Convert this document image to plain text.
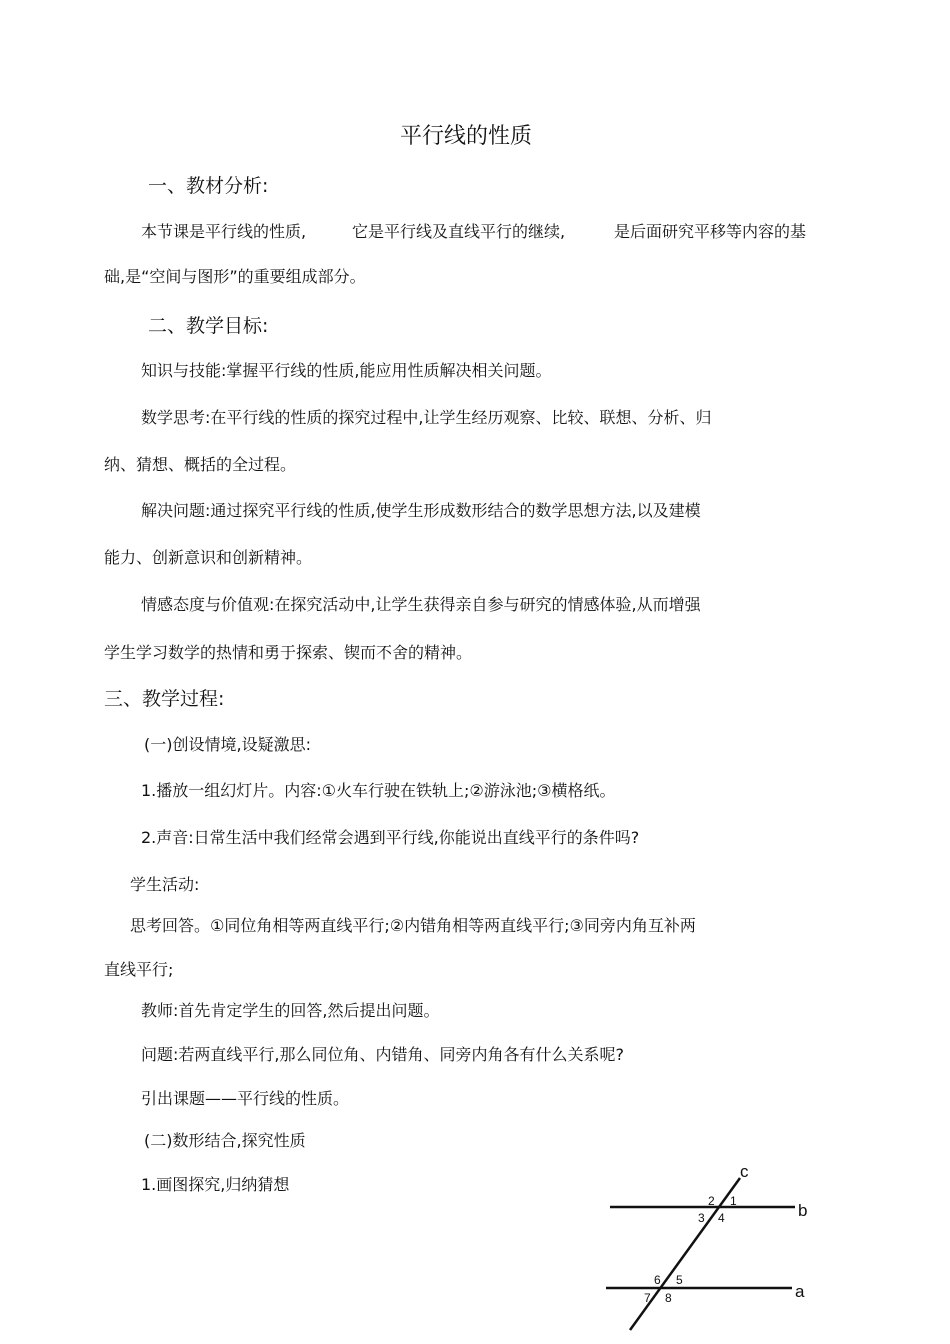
平行线的性质
一、教材分析:
本节课是平行线的性质,	它是平行线及直线平行的继续,	是后面研究平移等内容的基
础,是“空间与图形”的重要组成部分。
二、教学目标:
知识与技能:掌握平行线的性质,能应用性质解决相关问题。
数学思考:在平行线的性质的探究过程中,让学生经历观察、比较、联想、分析、归
纳、猜想、概括的全过程。
解决问题:通过探究平行线的性质,使学生形成数形结合的数学思想方法,以及建模
能力、创新意识和创新精神。
情感态度与价值观:在探究活动中,让学生获得亲自参与研究的情感体验,从而增强
学生学习数学的热情和勇于探索、锲而不舍的精神。
三、教学过程:
(一)创设情境,设疑激思:
1.播放一组幻灯片。内容:①火车行驶在铁轨上;②游泳池;③横格纸。
2.声音:日常生活中我们经常会遇到平行线,你能说出直线平行的条件吗?
学生活动:
思考回答。①同位角相等两直线平行;②内错角相等两直线平行;③同旁内角互补两
直线平行;
教师:首先肯定学生的回答,然后提出问题。
问题:若两直线平行,那么同位角、内错角、同旁内角各有什么关系呢?
引出课题——平行线的性质。
(二)数形结合,探究性质
1.画图探究,归纳猜想
c
b
a
1
2
3 4
5
6
7 8
